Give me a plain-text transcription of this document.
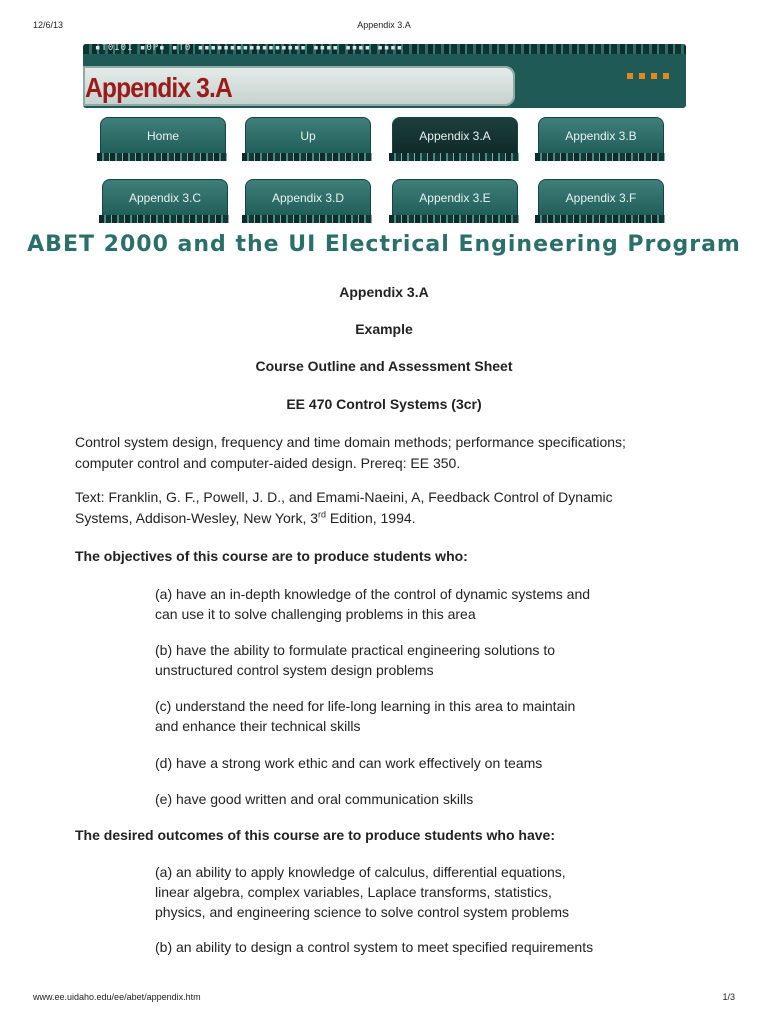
12/6/13	Appendix 3.A
▪T0I0I ▪0P▪ ▪T0 ▪▪▪▪▪▪▪▪▪▪▪▪▪▪▪▪▪ ▪▪▪▪ ▪▪▪▪ ▪▪▪▪
Appendix 3.A
Home	Up	Appendix 3.A	Appendix 3.B
Appendix 3.C	Appendix 3.D	Appendix 3.E	Appendix 3.F
ABET 2000 and the UI Electrical Engineering Program
Appendix 3.A
Example
Course Outline and Assessment Sheet
EE 470 Control Systems (3cr)
Control system design, frequency and time domain methods; performance specifications;
computer control and computer-aided design. Prereq: EE 350.
Text: Franklin, G. F., Powell, J. D., and Emami-Naeini, A, Feedback Control of Dynamic
Systems, Addison-Wesley, New York, 3rd Edition, 1994.
The objectives of this course are to produce students who:
(a) have an in-depth knowledge of the control of dynamic systems and
can use it to solve challenging problems in this area
(b) have the ability to formulate practical engineering solutions to
unstructured control system design problems
(c) understand the need for life-long learning in this area to maintain
and enhance their technical skills
(d) have a strong work ethic and can work effectively on teams
(e) have good written and oral communication skills
The desired outcomes of this course are to produce students who have:
(a) an ability to apply knowledge of calculus, differential equations,
linear algebra, complex variables, Laplace transforms, statistics,
physics, and engineering science to solve control system problems
(b) an ability to design a control system to meet specified requirements
www.ee.uidaho.edu/ee/abet/appendix.htm	1/3
